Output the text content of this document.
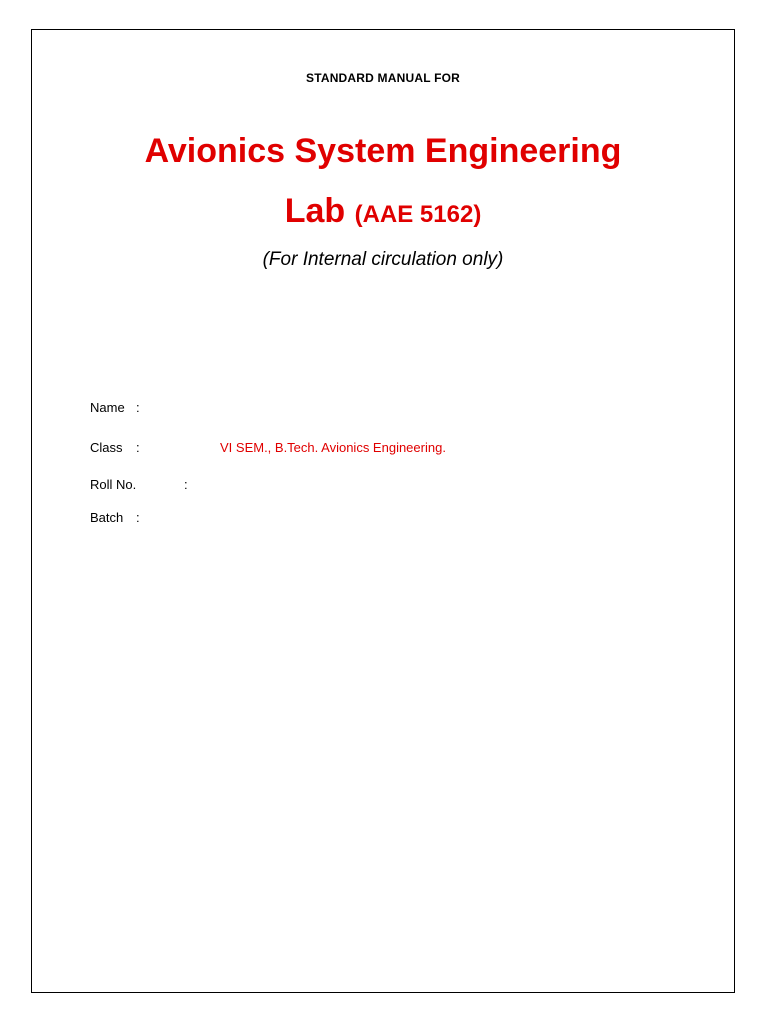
STANDARD MANUAL FOR
Avionics System Engineering
Lab (AAE 5162)
(For Internal circulation only)
Name :
Class :	VI SEM., B.Tech. Avionics Engineering.
Roll No.	:
Batch :
